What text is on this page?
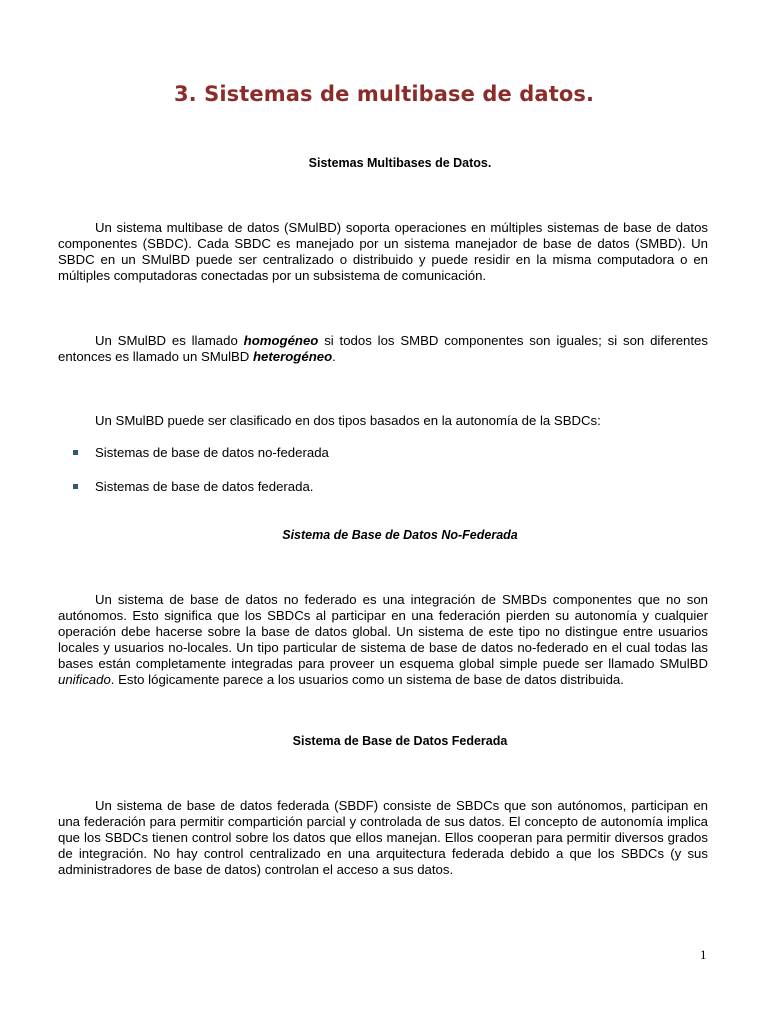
3. Sistemas de multibase de datos.

Sistemas Multibases de Datos.

Un sistema multibase de datos (SMulBD) soporta operaciones en múltiples sistemas de base de datos componentes (SBDC). Cada SBDC es manejado por un sistema manejador de base de datos (SMBD). Un SBDC en un SMulBD puede ser centralizado o distribuido y puede residir en la misma computadora o en múltiples computadoras conectadas por un subsistema de comunicación.

Un SMulBD es llamado homogéneo si todos los SMBD componentes son iguales; si son diferentes entonces es llamado un SMulBD heterogéneo.

Un SMulBD puede ser clasificado en dos tipos basados en la autonomía de la SBDCs:

Sistemas de base de datos no-federada
Sistemas de base de datos federada.

Sistema de Base de Datos No-Federada

Un sistema de base de datos no federado es una integración de SMBDs componentes que no son autónomos. Esto significa que los SBDCs al participar en una federación pierden su autonomía y cualquier operación debe hacerse sobre la base de datos global. Un sistema de este tipo no distingue entre usuarios locales y usuarios no-locales. Un tipo particular de sistema de base de datos no-federado en el cual todas las bases están completamente integradas para proveer un esquema global simple puede ser llamado SMulBD unificado. Esto lógicamente parece a los usuarios como un sistema de base de datos distribuida.

Sistema de Base de Datos Federada

Un sistema de base de datos federada (SBDF) consiste de SBDCs que son autónomos, participan en una federación para permitir compartición parcial y controlada de sus datos. El concepto de autonomía implica que los SBDCs tienen control sobre los datos que ellos manejan. Ellos cooperan para permitir diversos grados de integración. No hay control centralizado en una arquitectura federada debido a que los SBDCs (y sus administradores de base de datos) controlan el acceso a sus datos.

1
